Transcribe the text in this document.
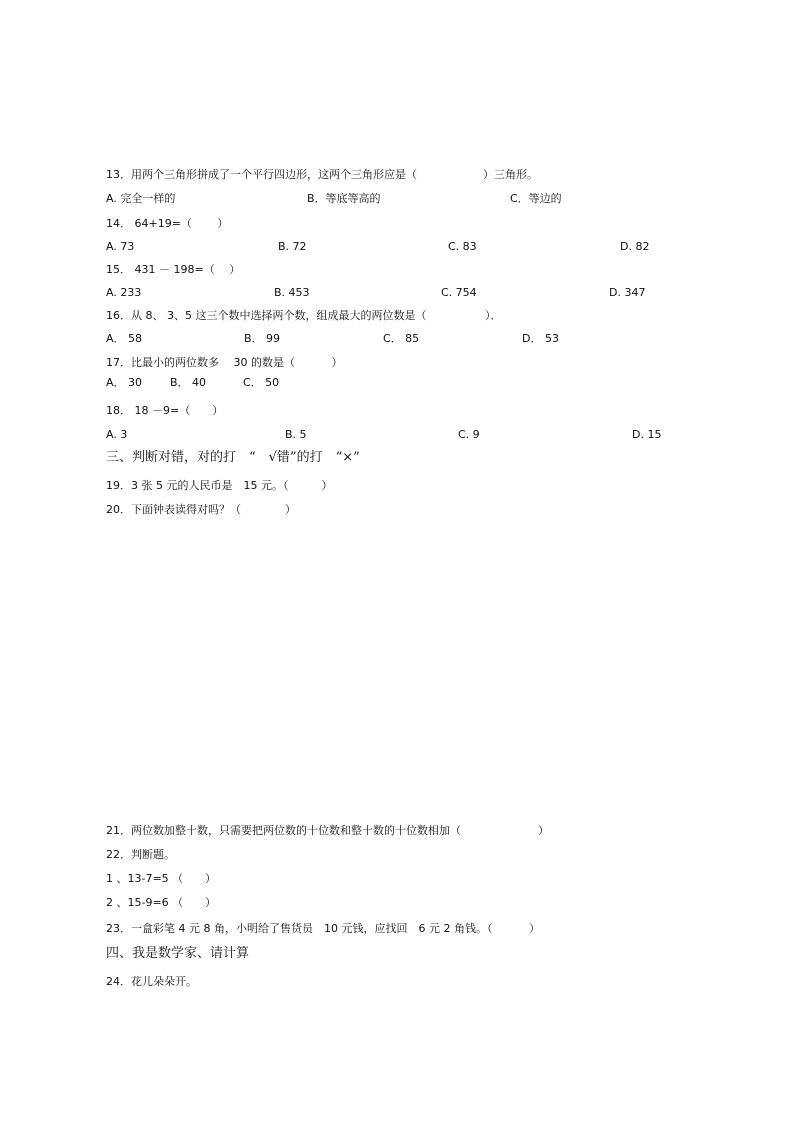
13．用两个三角形拼成了一个平行四边形，这两个三角形应是（　　　　　　）三角形。
A. 完全一样的	B．等底等高的	C．等边的
14． 64+19=（　　 ）
A. 73	B. 72	C. 83	D. 82
15． 431 － 198=（　 ）
A. 233	B. 453	C. 754	D. 347
16．从 8、 3、5 这三个数中选择两个数，组成最大的两位数是（　　　　　 ）．
A． 58	B． 99	C． 85	D． 53
17．比最小的两位数多　 30 的数是（　　　 ）
A． 30	B． 40	C． 50
18． 18 －9=（　　）
A. 3	B. 5	C. 9	D. 15
三、判断对错，对的打　“　√错”的打　“×”
19．3 张 5 元的人民币是　15 元。（　　　）
20．下面钟表读得对吗？（　　　　）
21．两位数加整十数，只需要把两位数的十位数和整十数的十位数相加（　　　　　　　）
22．判断题。
1 、13-7=5 （　　）
2 、15-9=6 （　　）
23．一盒彩笔 4 元 8 角，小明给了售货员　10 元钱，应找回　6 元 2 角钱。（　　　 ）
四、我是数学家、请计算
24．花儿朵朵开。
